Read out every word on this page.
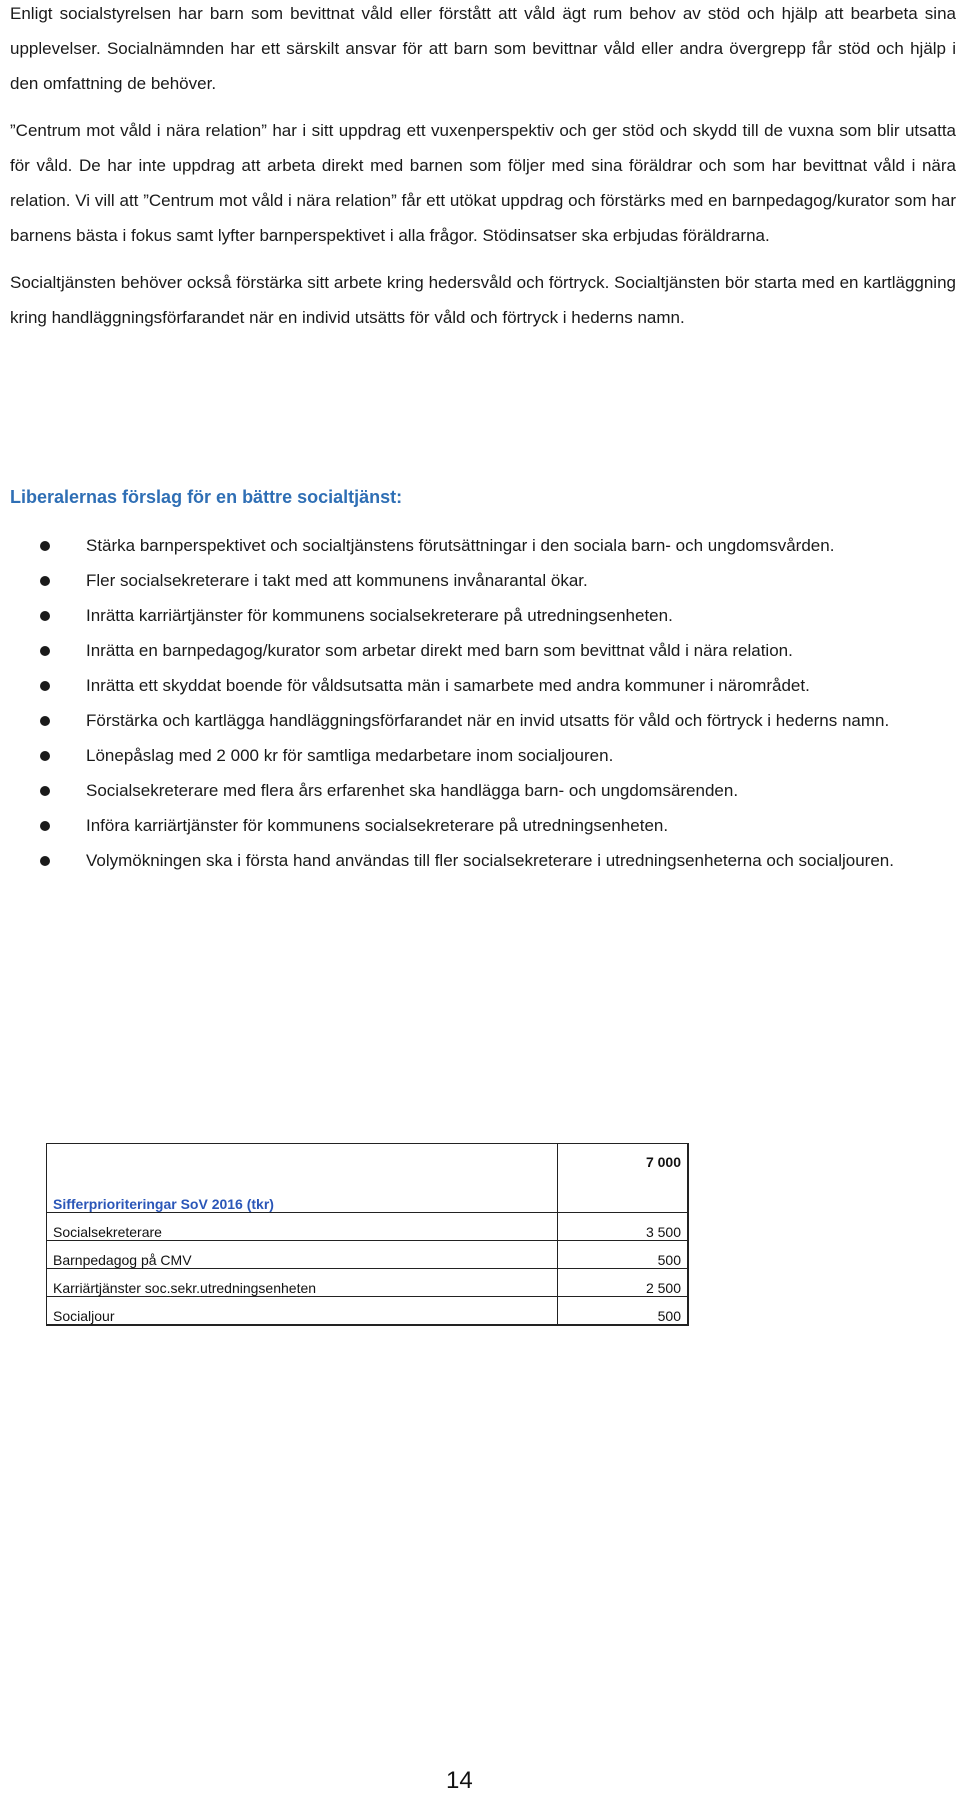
Enligt socialstyrelsen har barn som bevittnat våld eller förstått att våld ägt rum behov av stöd och hjälp att bearbeta sina upplevelser. Socialnämnden har ett särskilt ansvar för att barn som bevittnar våld eller andra övergrepp får stöd och hjälp i den omfattning de behöver.

”Centrum mot våld i nära relation” har i sitt uppdrag ett vuxenperspektiv och ger stöd och skydd till de vuxna som blir utsatta för våld. De har inte uppdrag att arbeta direkt med barnen som följer med sina föräldrar och som har bevittnat våld i nära relation. Vi vill att ”Centrum mot våld i nära relation” får ett utökat uppdrag och förstärks med en barnpedagog/kurator som har barnens bästa i fokus samt lyfter barnperspektivet i alla frågor. Stödinsatser ska erbjudas föräldrarna.

Socialtjänsten behöver också förstärka sitt arbete kring hedersvåld och förtryck. Socialtjänsten bör starta med en kartläggning kring handläggningsförfarandet när en individ utsätts för våld och förtryck i hederns namn.

Liberalernas förslag för en bättre socialtjänst:
Stärka barnperspektivet och socialtjänstens förutsättningar i den sociala barn- och ungdomsvården.
Fler socialsekreterare i takt med att kommunens invånarantal ökar.
Inrätta karriärtjänster för kommunens socialsekreterare på utredningsenheten.
Inrätta en barnpedagog/kurator som arbetar direkt med barn som bevittnat våld i nära relation.
Inrätta ett skyddat boende för våldsutsatta män i samarbete med andra kommuner i närområdet.
Förstärka och kartlägga handläggningsförfarandet när en invid utsatts för våld och förtryck i hederns namn.
Lönepåslag med 2 000 kr för samtliga medarbetare inom socialjouren.
Socialsekreterare med flera års erfarenhet ska handlägga barn- och ungdomsärenden.
Införa karriärtjänster för kommunens socialsekreterare på utredningsenheten.
Volymökningen ska i första hand användas till fler socialsekreterare i utredningsenheterna och socialjouren.
Sifferprioriteringar SoV 2016 (tkr)	7 000

Socialsekreterare	3 500
Barnpedagog på CMV	500
Karriärtjänster soc.sekr.utredningsenheten	2 500
Socialjour	500
14
